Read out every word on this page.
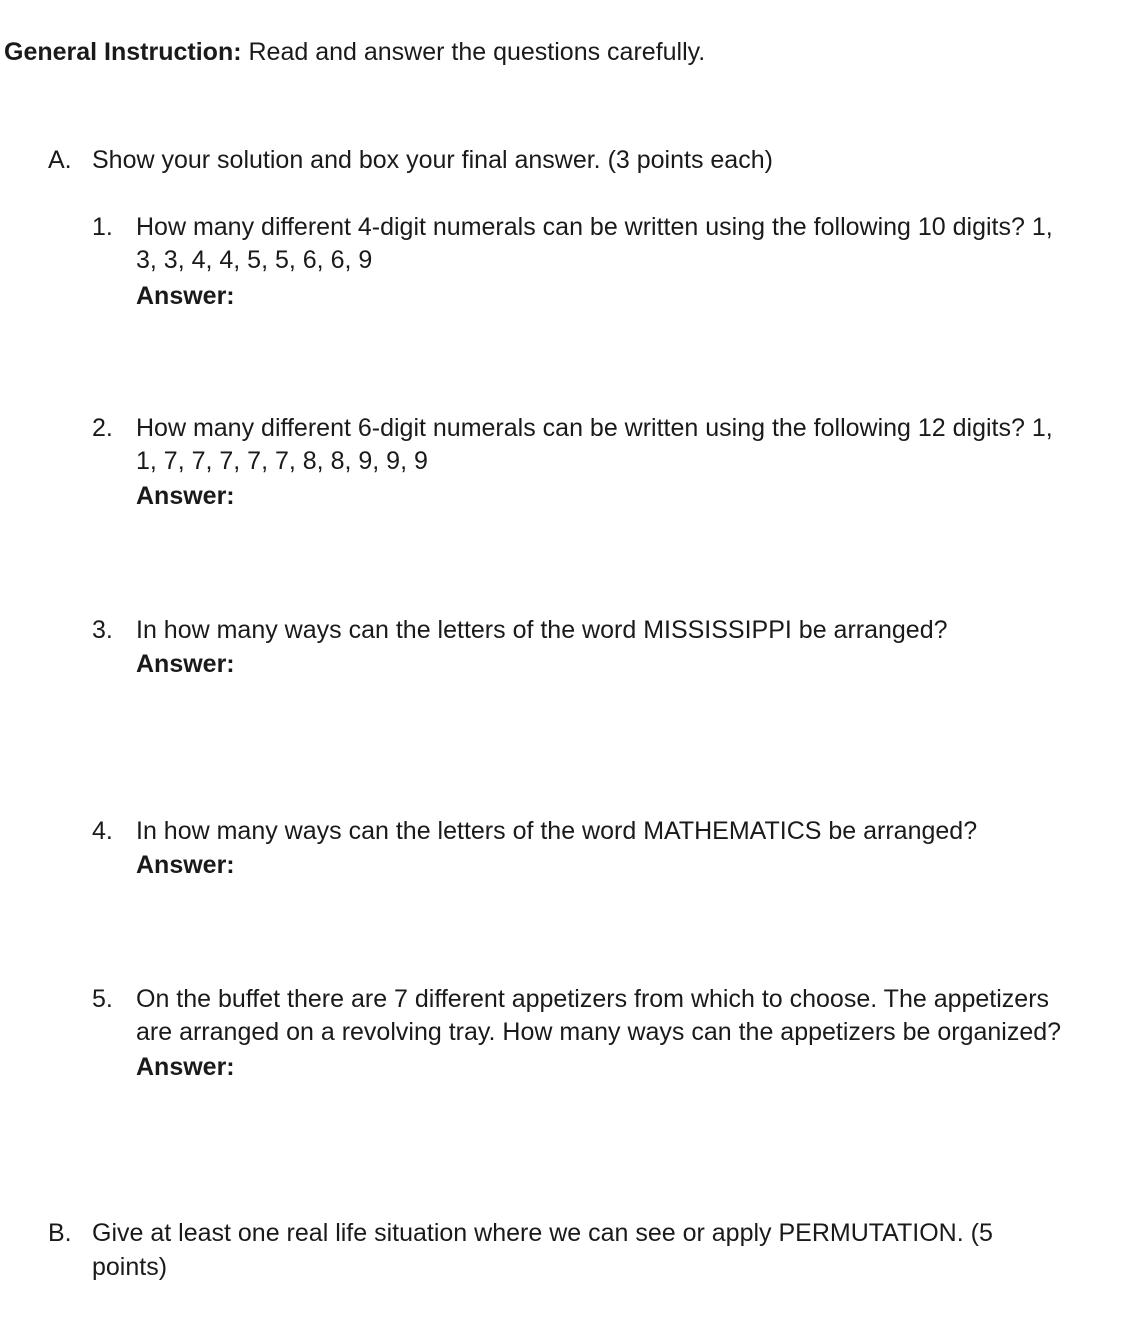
General Instruction: Read and answer the questions carefully.
A. Show your solution and box your final answer. (3 points each)
1. How many different 4-digit numerals can be written using the following 10 digits? 1,
3, 3, 4, 4, 5, 5, 6, 6, 9
Answer:
2. How many different 6-digit numerals can be written using the following 12 digits? 1,
1, 7, 7, 7, 7, 7, 8, 8, 9, 9, 9
Answer:
3. In how many ways can the letters of the word MISSISSIPPI be arranged?
Answer:
4. In how many ways can the letters of the word MATHEMATICS be arranged?
Answer:
5. On the buffet there are 7 different appetizers from which to choose. The appetizers
are arranged on a revolving tray. How many ways can the appetizers be organized?
Answer:
B. Give at least one real life situation where we can see or apply PERMUTATION. (5
points)
